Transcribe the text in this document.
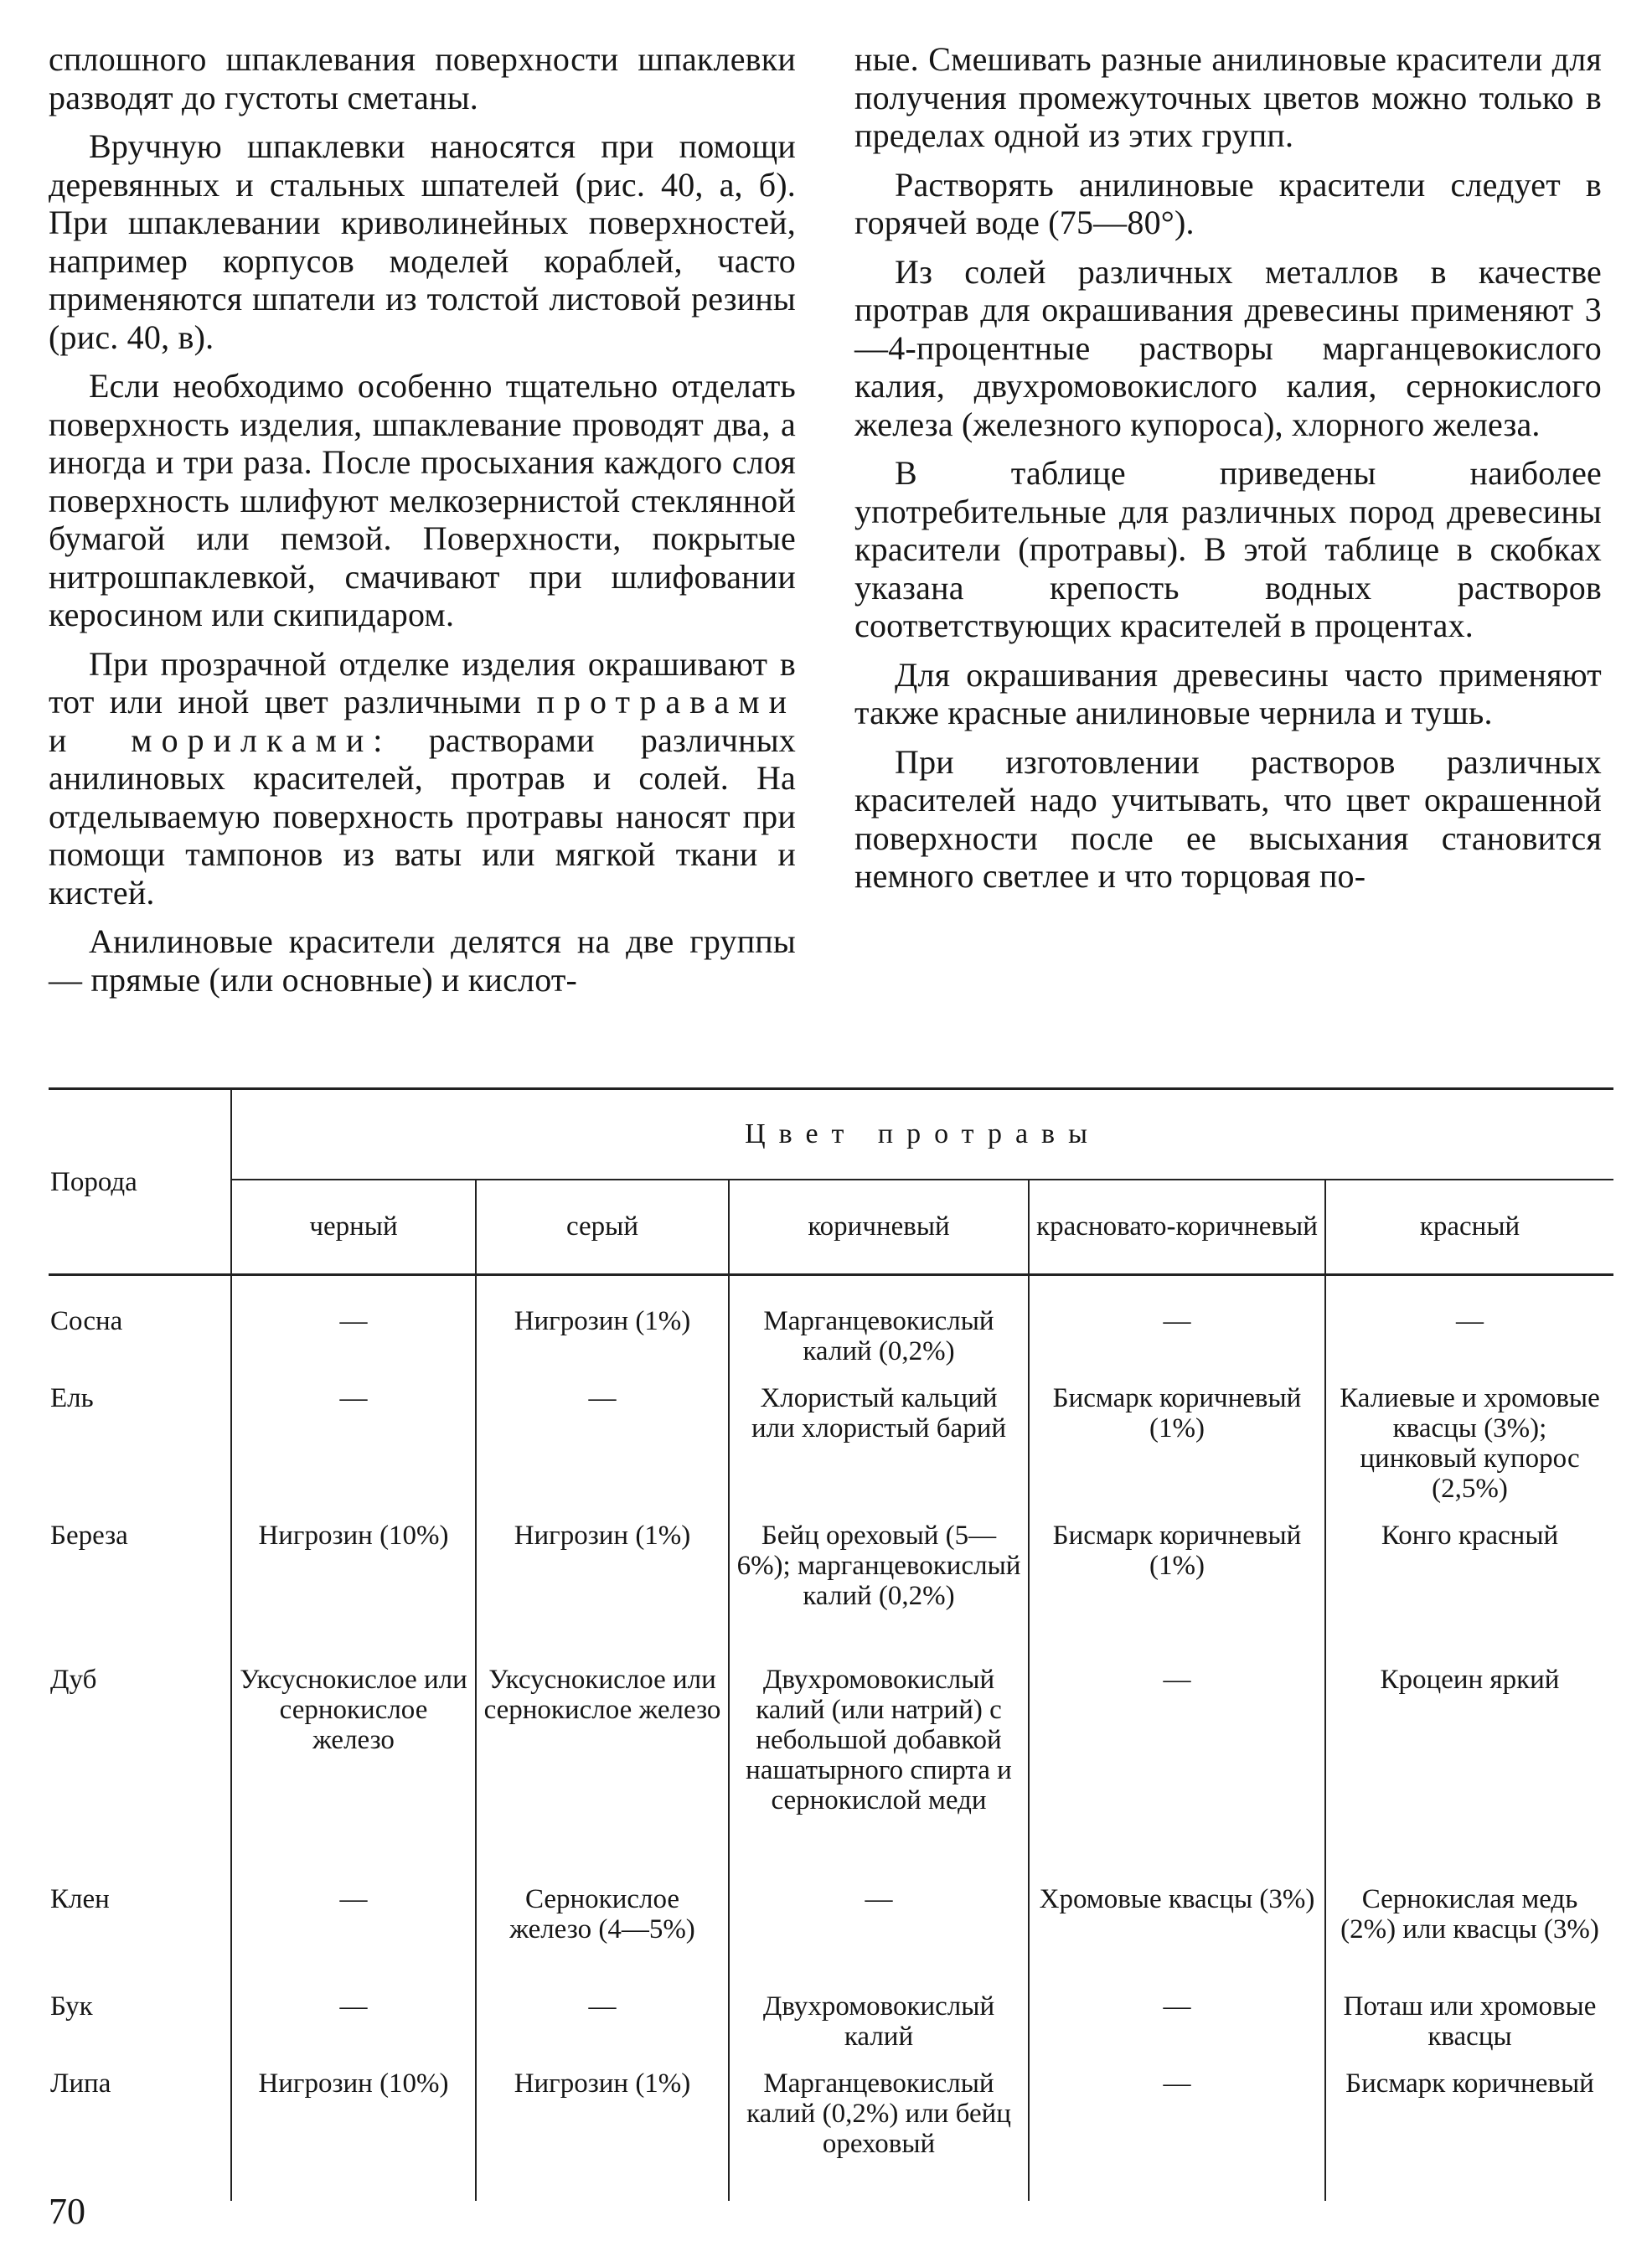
сплошного шпаклевания поверхности шпаклевки разводят до густоты сметаны.

Вручную шпаклевки наносятся при помощи деревянных и стальных шпателей (рис. 40, а, б). При шпаклевании криволинейных поверхностей, например корпусов моделей кораблей, часто применяются шпатели из толстой листовой резины (рис. 40, в).

Если необходимо особенно тщательно отделать поверхность изделия, шпаклевание проводят два, а иногда и три раза. После просыхания каждого слоя поверхность шлифуют мелкозернистой стеклянной бумагой или пемзой. Поверхности, покрытые нитрошпаклевкой, смачивают при шлифовании керосином или скипидаром.

При прозрачной отделке изделия окрашивают в тот или иной цвет различными протравами и морилками: растворами различных анилиновых красителей, протрав и солей. На отделываемую поверхность протравы наносят при помощи тампонов из ваты или мягкой ткани и кистей.

Анилиновые красители делятся на две группы — прямые (или основные) и кислот-

ные. Смешивать разные анилиновые красители для получения промежуточных цветов можно только в пределах одной из этих групп.

Растворять анилиновые красители следует в горячей воде (75—80°).

Из солей различных металлов в качестве протрав для окрашивания древесины применяют 3—4-процентные растворы марганцевокислого калия, двухромовокислого калия, сернокислого железа (железного купороса), хлорного железа.

В таблице приведены наиболее употребительные для различных пород древесины красители (протравы). В этой таблице в скобках указана крепость водных растворов соответствующих красителей в процентах.

Для окрашивания древесины часто применяют также красные анилиновые чернила и тушь.

При изготовлении растворов различных красителей надо учитывать, что цвет окрашенной поверхности после ее высыхания становится немного светлее и что торцовая по-

Порода	Цвет протравы				
	черный	серый	коричневый	красновато-коричневый	красный
Сосна	—	Нигрозин (1%)	Марганцевокислый калий (0,2%)	—	—
Ель	—	—	Хлористый кальций или хлористый барий	Бисмарк коричневый (1%)	Калиевые и хромовые квасцы (3%); цинковый купорос (2,5%)
Береза	Нигрозин (10%)	Нигрозин (1%)	Бейц ореховый (5—6%); марганцевокислый калий (0,2%)	Бисмарк коричневый (1%)	Конго красный
Дуб	Уксуснокислое или сернокислое железо	Уксуснокислое или сернокислое железо	Двухромовокислый калий (или натрий) с небольшой добавкой нашатырного спирта и сернокислой меди	—	Кроцеин яркий
Клен	—	Сернокислое железо (4—5%)	—	Хромовые квасцы (3%)	Сернокислая медь (2%) или квасцы (3%)
Бук	—	—	Двухромовокислый калий	—	Поташ или хромовые квасцы
Липа	Нигрозин (10%)	Нигрозин (1%)	Марганцевокислый калий (0,2%) или бейц ореховый	—	Бисмарк коричневый
70
